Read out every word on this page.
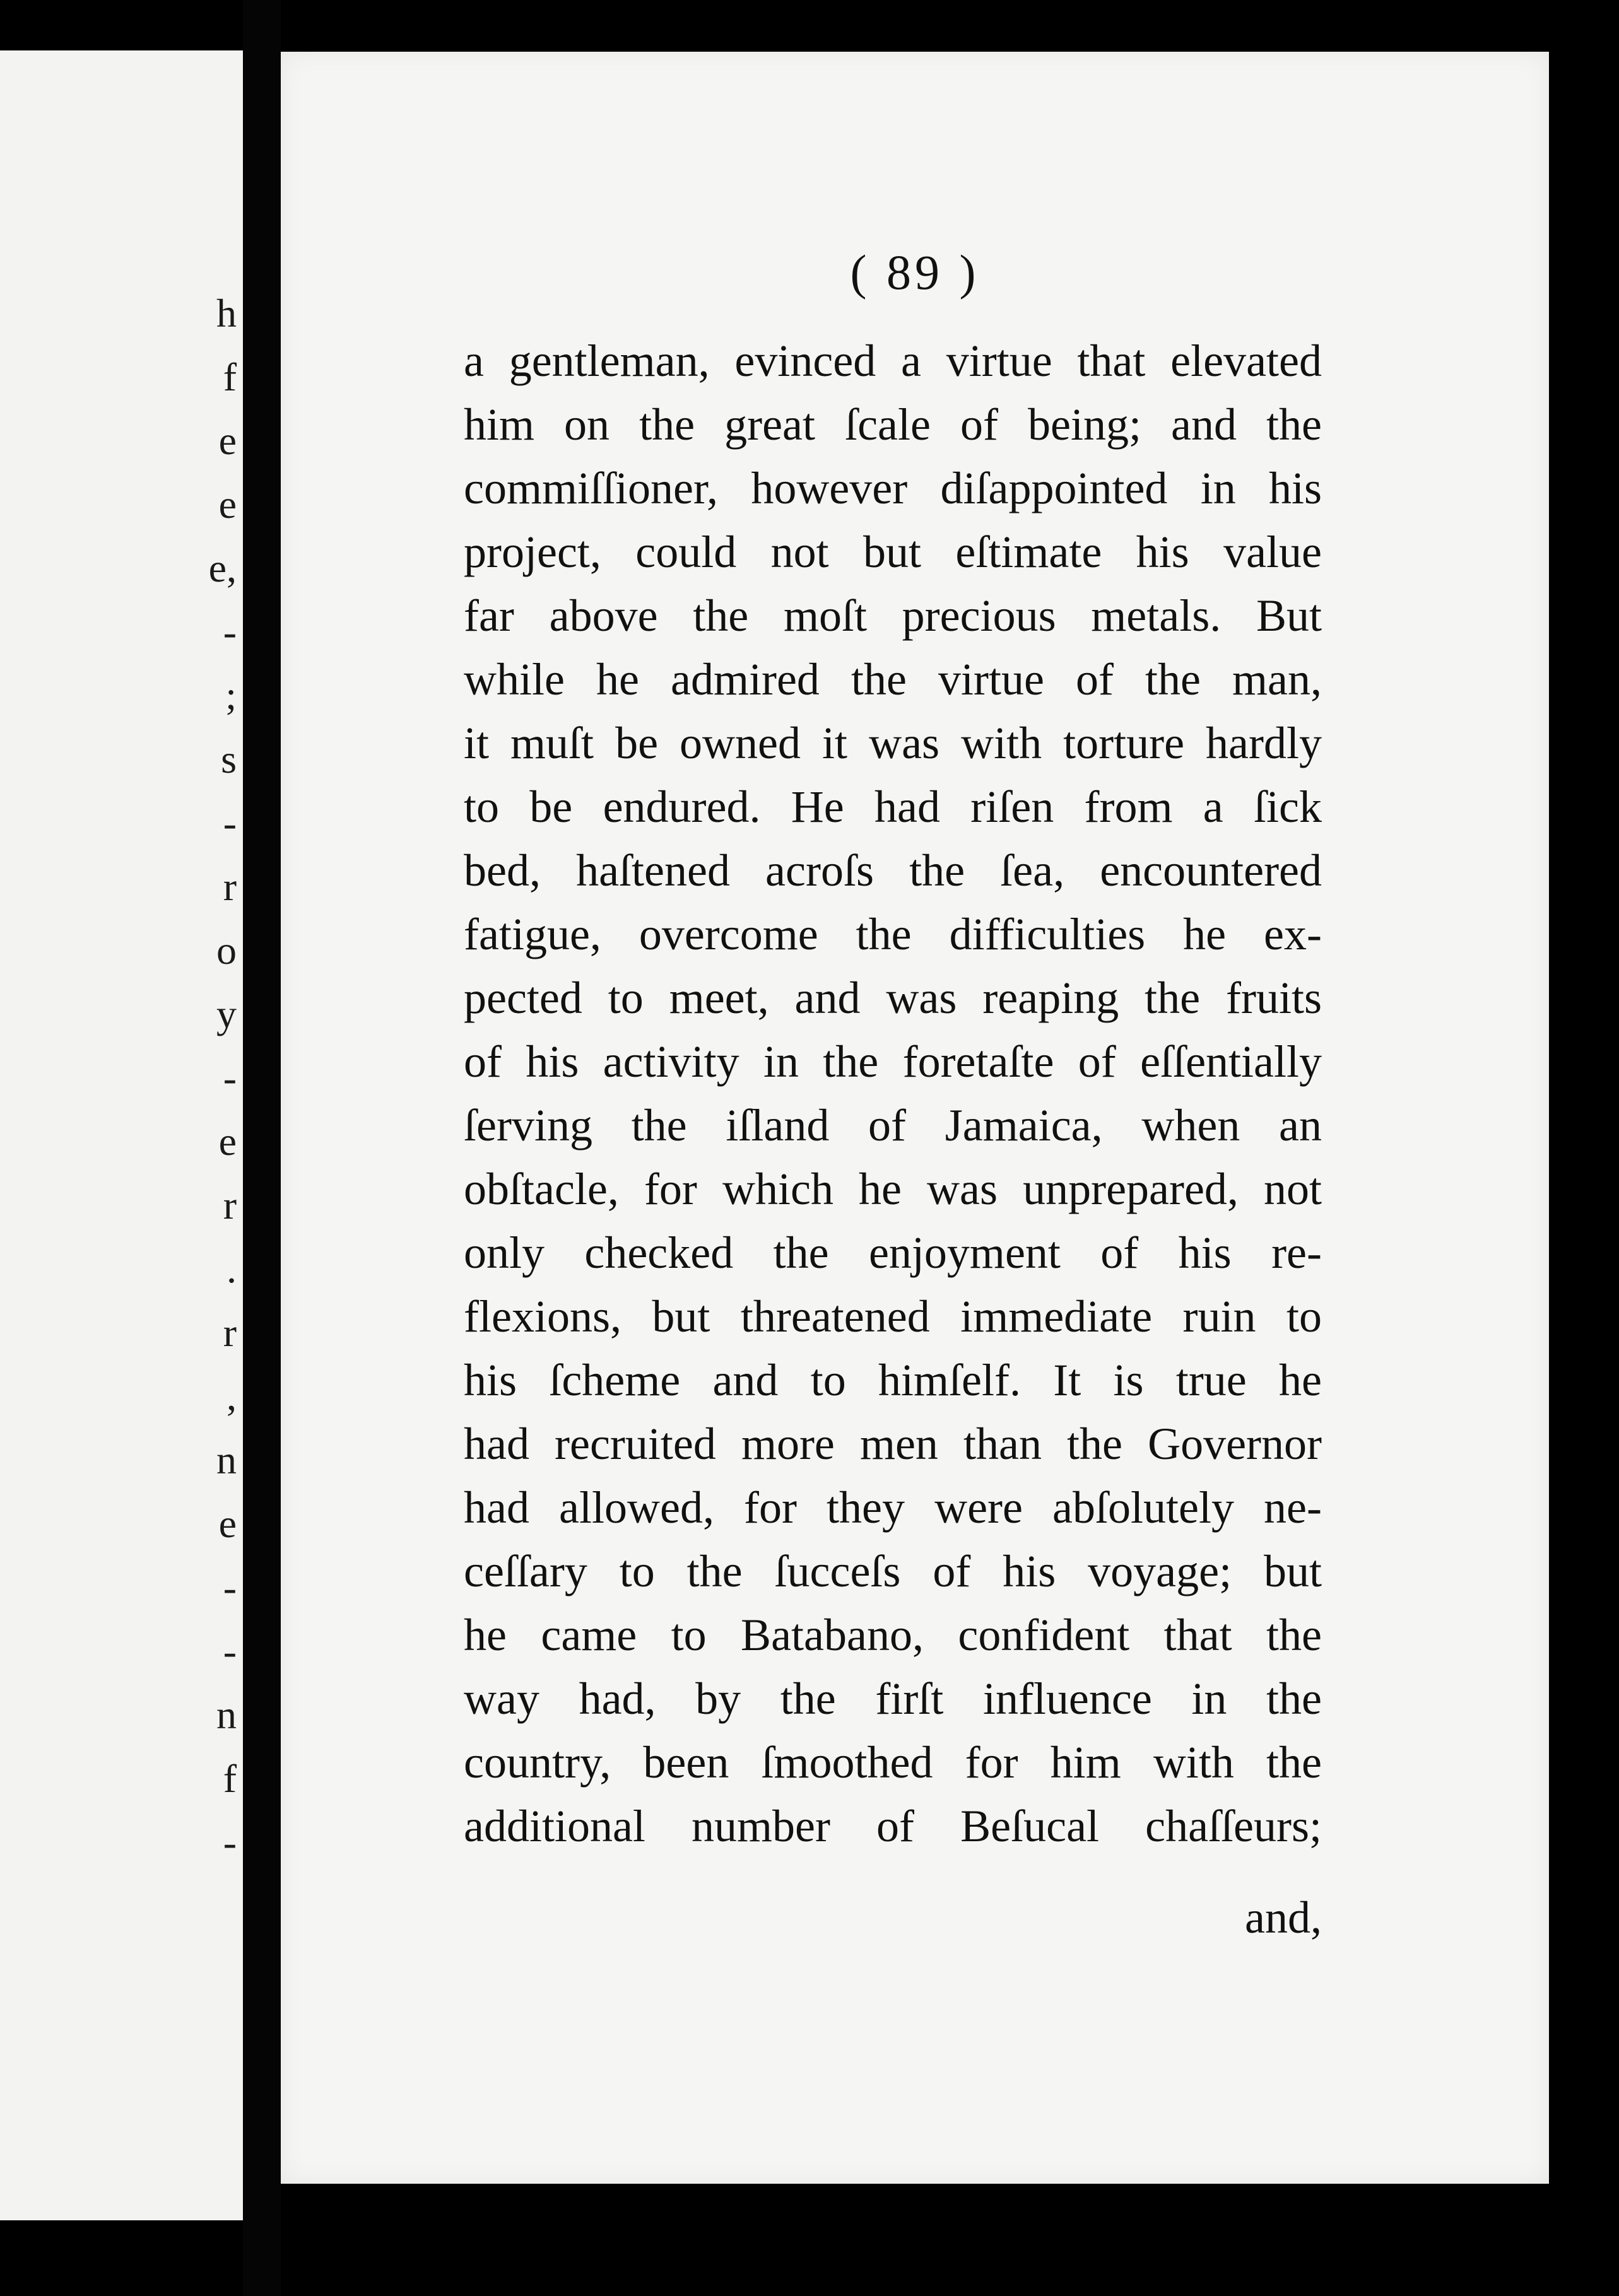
h
f
e
e
e,
-
;
s
-
r
o
y
-
e
r
.
r
,
n
e
-
-
n
f
-
( 89 )
a gentleman, evinced a virtue that elevated
him on the great ſcale of being; and the
commiſſioner, however diſappointed in his
project, could not but eſtimate his value
far above the moſt precious metals. But
while he admired the virtue of the man,
it muſt be owned it was with torture hardly
to be endured. He had riſen from a ſick
bed, haſtened acroſs the ſea, encountered
fatigue, overcome the difficulties he ex-
pected to meet, and was reaping the fruits
of his activity in the foretaſte of eſſentially
ſerving the iſland of Jamaica, when an
obſtacle, for which he was unprepared, not
only checked the enjoyment of his re-
flexions, but threatened immediate ruin to
his ſcheme and to himſelf. It is true he
had recruited more men than the Governor
had allowed, for they were abſolutely ne-
ceſſary to the ſucceſs of his voyage; but
he came to Batabano, confident that the
way had, by the firſt influence in the
country, been ſmoothed for him with the
additional number of Beſucal chaſſeurs;
and,
